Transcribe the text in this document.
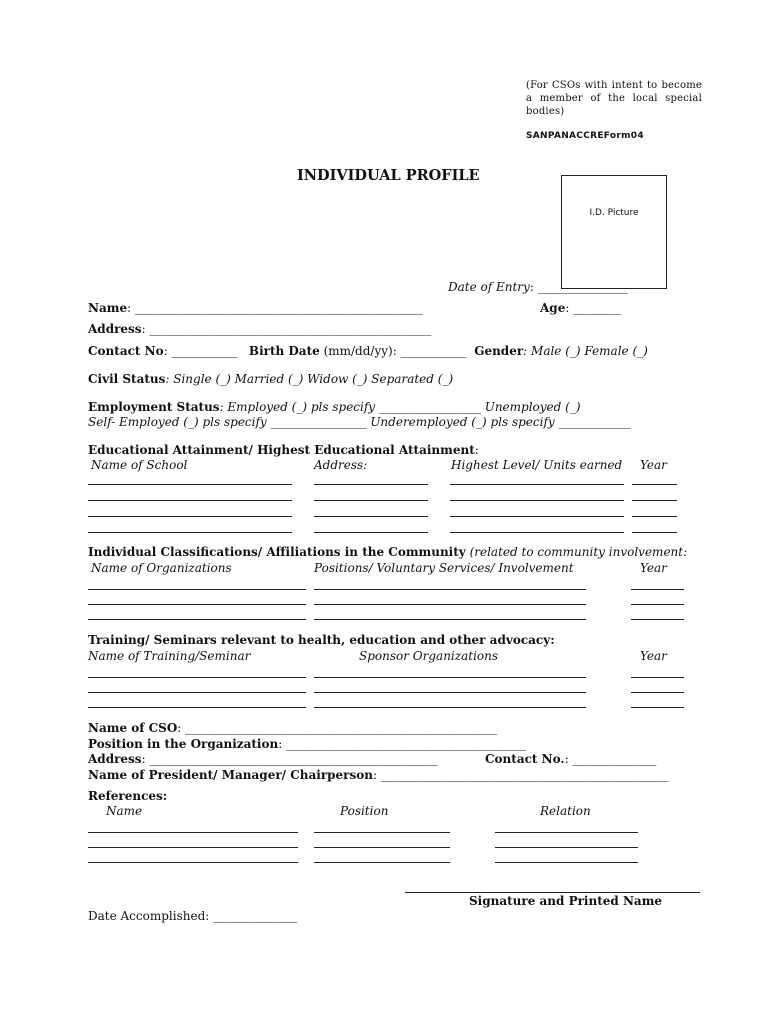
(For CSOs with intent to become a member of the local special bodies)
SANPANACCREForm04
INDIVIDUAL PROFILE
I.D. Picture
Date of Entry: _______________
Name: ________________________________________________	Age: ________
Address: _______________________________________________
Contact No: ___________ Birth Date (mm/dd/yy): ___________ Gender: Male (_) Female (_)
Civil Status: Single (_) Married (_) Widow (_) Separated (_)
Employment Status: Employed (_) pls specify _________________ Unemployed (_)
Self- Employed (_) pls specify ________________ Underemployed (_) pls specify ____________
Educational Attainment/ Highest Educational Attainment:
Name of School	Address:	Highest Level/ Units earned Year
Individual Classifications/ Affiliations in the Community (related to community involvement:
Name of Organizations	Positions/ Voluntary Services/ Involvement	Year
Training/ Seminars relevant to health, education and other advocacy:
Name of Training/Seminar	Sponsor Organizations	Year
Name of CSO: ____________________________________________________
Position in the Organization: ________________________________________
Address: ________________________________________________	Contact No.: ______________
Name of President/ Manager/ Chairperson: ________________________________________________
References:
Name	Position	Relation
Signature and Printed Name
Date Accomplished: ______________
